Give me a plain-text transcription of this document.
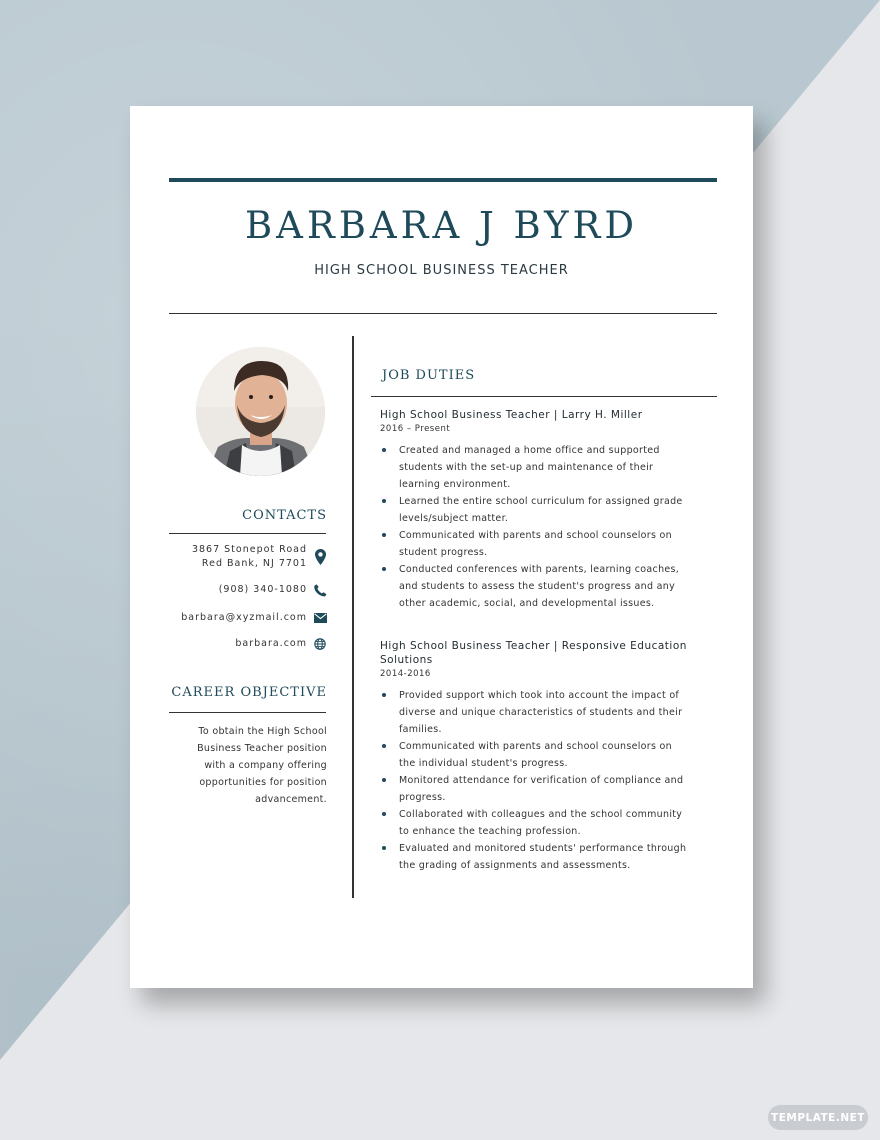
BARBARA J BYRD
HIGH SCHOOL BUSINESS TEACHER
CONTACTS
3867 Stonepot Road
Red Bank, NJ 7701
(908) 340-1080
barbara@xyzmail.com
barbara.com
CAREER OBJECTIVE
To obtain the High School Business Teacher position with a company offering opportunities for position advancement.
JOB DUTIES
High School Business Teacher | Larry H. Miller
2016 – Present
Created and managed a home office and supported students with the set-up and maintenance of their learning environment.
Learned the entire school curriculum for assigned grade levels/subject matter.
Communicated with parents and school counselors on student progress.
Conducted conferences with parents, learning coaches, and students to assess the student's progress and any other academic, social, and developmental issues.
High School Business Teacher | Responsive Education Solutions
2014-2016
Provided support which took into account the impact of diverse and unique characteristics of students and their families.
Communicated with parents and school counselors on the individual student's progress.
Monitored attendance for verification of compliance and progress.
Collaborated with colleagues and the school community to enhance the teaching profession.
Evaluated and monitored students' performance through the grading of assignments and assessments.
TEMPLATE.NET
